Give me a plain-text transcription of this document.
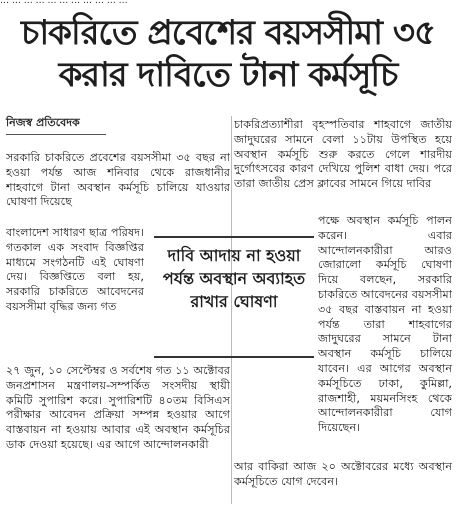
… … … … … … … … … … …
চাকরিতে প্রবেশের বয়সসীমা ৩৫
করার দাবিতে টানা কর্মসূচি
নিজস্ব প্রতিবেদক

সরকারি চাকরিতে প্রবেশের বয়সসীমা ৩৫ বছর না হওয়া পর্যন্ত আজ শনিবার থেকে রাজধানীর শাহবাগে টানা অবস্থান কর্মসূচি চালিয়ে যাওয়ার ঘোষণা দিয়েছে

বাংলাদেশ সাধারণ ছাত্র পরিষদ। গতকাল এক সংবাদ বিজ্ঞপ্তির মাধ্যমে সংগঠনটি এই ঘোষণা দেয়। বিজ্ঞপ্তিতে বলা হয়, সরকারি চাকরিতে আবেদনের বয়সসীমা বৃদ্ধির জন্য গত

২৭ জুন, ১০ সেপ্টেম্বর ও সর্বশেষ গত ১১ অক্টোবর জনপ্রশাসন মন্ত্রণালয়-সম্পর্কিত সংসদীয় স্থায়ী কমিটি সুপারিশ করে। সুপারিশটি ৪০তম বিসিএস পরীক্ষার আবেদন প্রক্রিয়া সম্পন্ন হওয়ার আগে বাস্তবায়ন না হওয়ায় আবার এই অবস্থান কর্মসূচির ডাক দেওয়া হয়েছে। এর আগে আন্দোলনকারী

দাবি আদায় না হওয়া পর্যন্ত অবস্থান অব্যাহত রাখার ঘোষণা

চাকরিপ্রত্যাশীরা বৃহস্পতিবার শাহবাগে জাতীয় জাদুঘরের সামনে বেলা ১১টায় উপস্থিত হয়ে অবস্থান কর্মসূচি শুরু করতে গেলে শারদীয় দুর্গোৎসবের কারণ দেখিয়ে পুলিশ বাধা দেয়। পরে তারা জাতীয় প্রেস ক্লাবের সামনে গিয়ে দাবির

পক্ষে অবস্থান কর্মসূচি পালন করেন। এবার আন্দোলনকারীরা আরও জোরালো কর্মসূচি ঘোষণা দিয়ে বলছেন, সরকারি চাকরিতে আবেদনের বয়সসীমা ৩৫ বছর বাস্তবায়ন না হওয়া পর্যন্ত তারা শাহবাগের জাদুঘরের সামনে টানা অবস্থান কর্মসূচি চালিয়ে যাবেন। এর আগের অবস্থান কর্মসূচিতে ঢাকা, কুমিল্লা, রাজশাহী, ময়মনসিংহ থেকে আন্দোলনকারীরা যোগ দিয়েছেন।

আর বাকিরা আজ ২০ অক্টোবরের মধ্যে অবস্থান কর্মসূচিতে যোগ দেবেন।
